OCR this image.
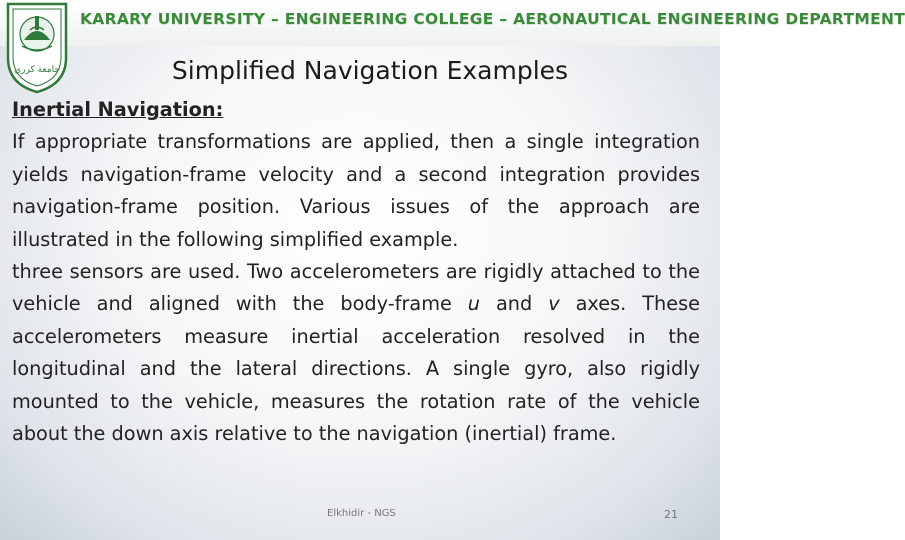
جامعة كرري
KARARY UNIVERSITY – ENGINEERING COLLEGE – AERONAUTICAL ENGINEERING DEPARTMENT
Simplified Navigation Examples
Inertial Navigation:
If appropriate transformations are applied, then a single integration yields navigation-frame velocity and a second integration provides navigation-frame position. Various issues of the approach are illustrated in the following simplified example.
three sensors are used. Two accelerometers are rigidly attached to the vehicle and aligned with the body-frame u and v axes. These accelerometers measure inertial acceleration resolved in the longitudinal and the lateral directions. A single gyro, also rigidly mounted to the vehicle, measures the rotation rate of the vehicle about the down axis relative to the navigation (inertial) frame.
Elkhidir - NGS	21
